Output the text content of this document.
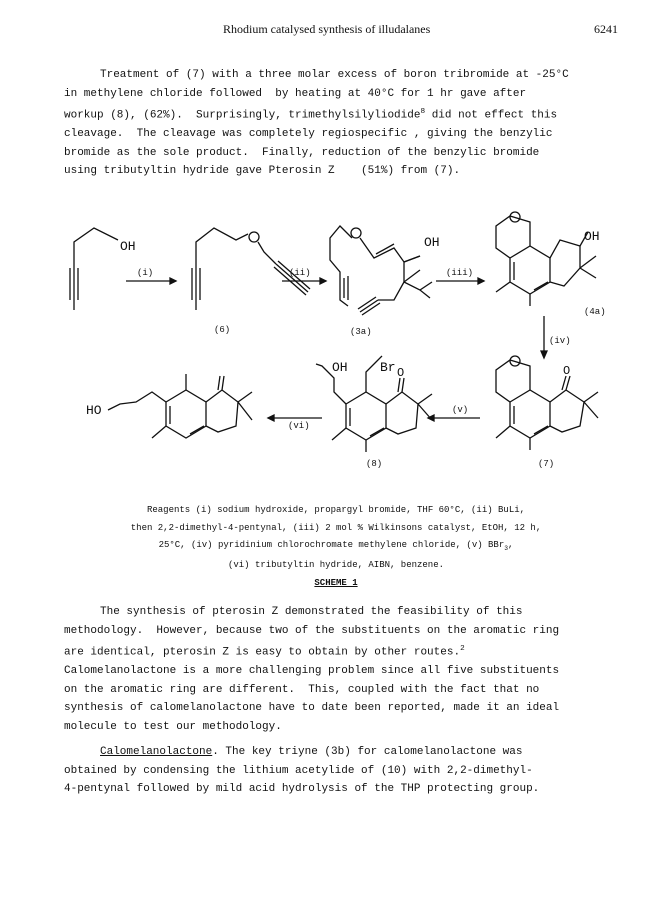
Rhodium catalysed synthesis of illudalanes	6241
Treatment of (7) with a three molar excess of boron tribromide at -25°C
in methylene chloride followed  by heating at 40°C for 1 hr gave after
workup (8), (62%).  Surprisingly, trimethylsilyliodide$^8$ did not effect this
cleavage.  The cleavage was completely regiospecific , giving the benzylic
bromide as the sole product.  Finally, reduction of the benzylic bromide
using tributyltin hydride gave Pterosin Z    (51%) from (7).
OH
(i)
(6)
(ii)
OH
(3a)
(iii)
OH
(4a)
(iv)
O
(7)
(v)
OH Br O
(8)
(vi)
HO
Reagents (i) sodium hydroxide, propargyl bromide, THF 60°C, (ii) BuLi,
then 2,2-dimethyl-4-pentynal, (iii) 2 mol % Wilkinsons catalyst, EtOH, 12 h,
25°C, (iv) pyridinium chlorochromate methylene chloride, (v) BBr$_3$,
(vi) tributyltin hydride, AIBN, benzene.
SCHEME 1
The synthesis of pterosin Z demonstrated the feasibility of this
methodology.  However, because two of the substituents on the aromatic ring
are identical, pterosin Z is easy to obtain by other routes.$^2$
Calomelanolactone is a more challenging problem since all five substituents
on the aromatic ring are different.  This, coupled with the fact that no
synthesis of calomelanolactone have to date been reported, made it an ideal
molecule to test our methodology.
Calomelanolactone. The key triyne (3b) for calomelanolactone was
obtained by condensing the lithium acetylide of (10) with 2,2-dimethyl-
4-pentynal followed by mild acid hydrolysis of the THP protecting group.
